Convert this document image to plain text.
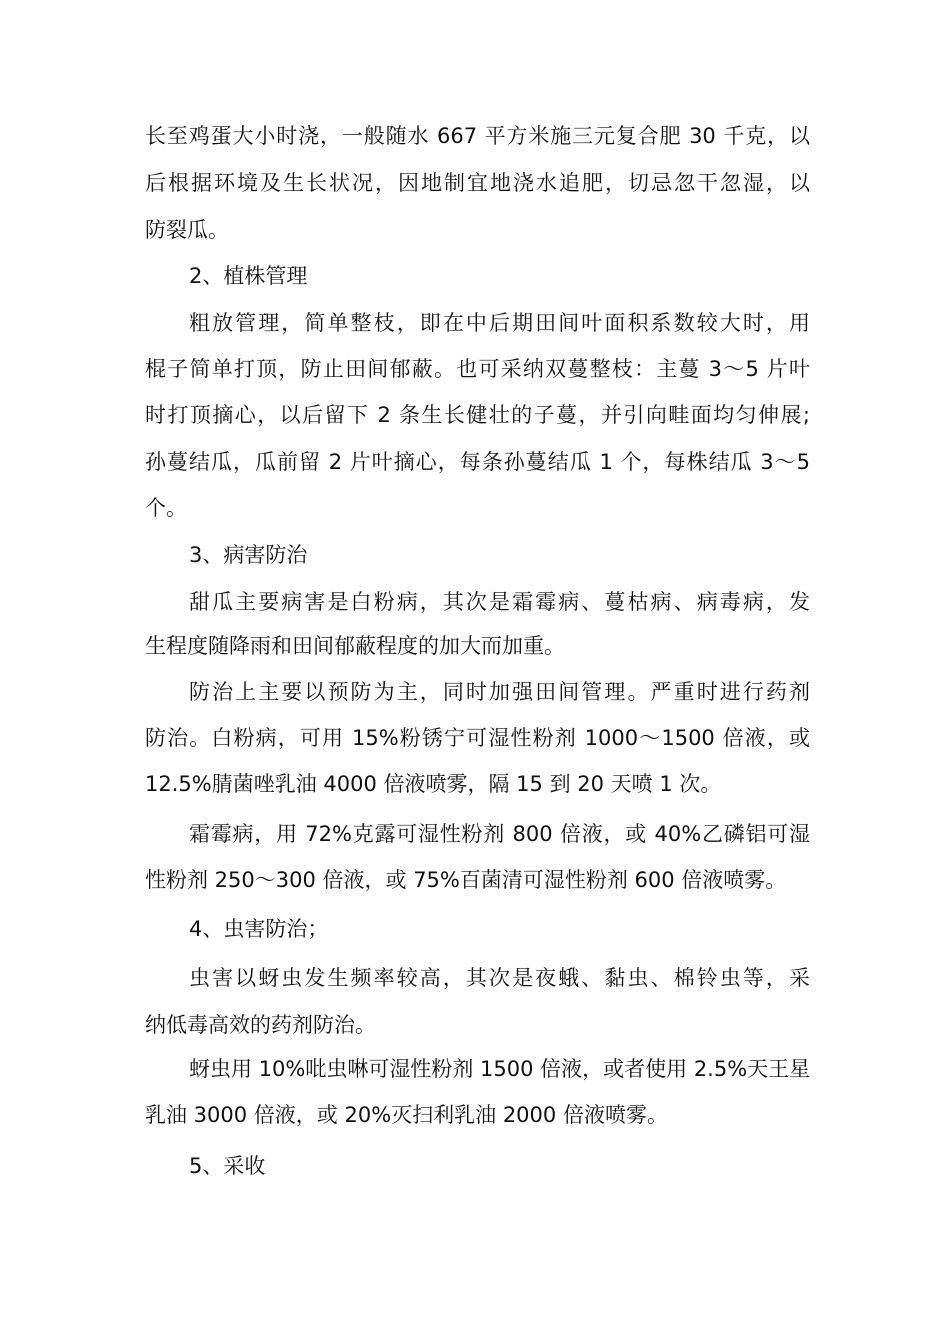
长至鸡蛋大小时浇，一般随水 667 平方米施三元复合肥 30 千克，以
后根据环境及生长状况，因地制宜地浇水追肥，切忌忽干忽湿，以
防裂瓜。
2、植株管理
粗放管理，简单整枝，即在中后期田间叶面积系数较大时，用
棍子简单打顶，防止田间郁蔽。也可采纳双蔓整枝：主蔓 3～5 片叶
时打顶摘心，以后留下 2 条生长健壮的子蔓，并引向畦面均匀伸展;
孙蔓结瓜，瓜前留 2 片叶摘心，每条孙蔓结瓜 1 个，每株结瓜 3～5
个。
3、病害防治
甜瓜主要病害是白粉病，其次是霜霉病、蔓枯病、病毒病，发
生程度随降雨和田间郁蔽程度的加大而加重。
防治上主要以预防为主，同时加强田间管理。严重时进行药剂
防治。白粉病，可用 15%粉锈宁可湿性粉剂 1000～1500 倍液，或
12.5%腈菌唑乳油 4000 倍液喷雾，隔 15 到 20 天喷 1 次。
霜霉病，用 72%克露可湿性粉剂 800 倍液，或 40%乙磷铝可湿
性粉剂 250～300 倍液，或 75%百菌清可湿性粉剂 600 倍液喷雾。
4、虫害防治；
虫害以蚜虫发生频率较高，其次是夜蛾、黏虫、棉铃虫等，采
纳低毒高效的药剂防治。
蚜虫用 10%吡虫啉可湿性粉剂 1500 倍液，或者使用 2.5%天王星
乳油 3000 倍液，或 20%灭扫利乳油 2000 倍液喷雾。
5、采收
